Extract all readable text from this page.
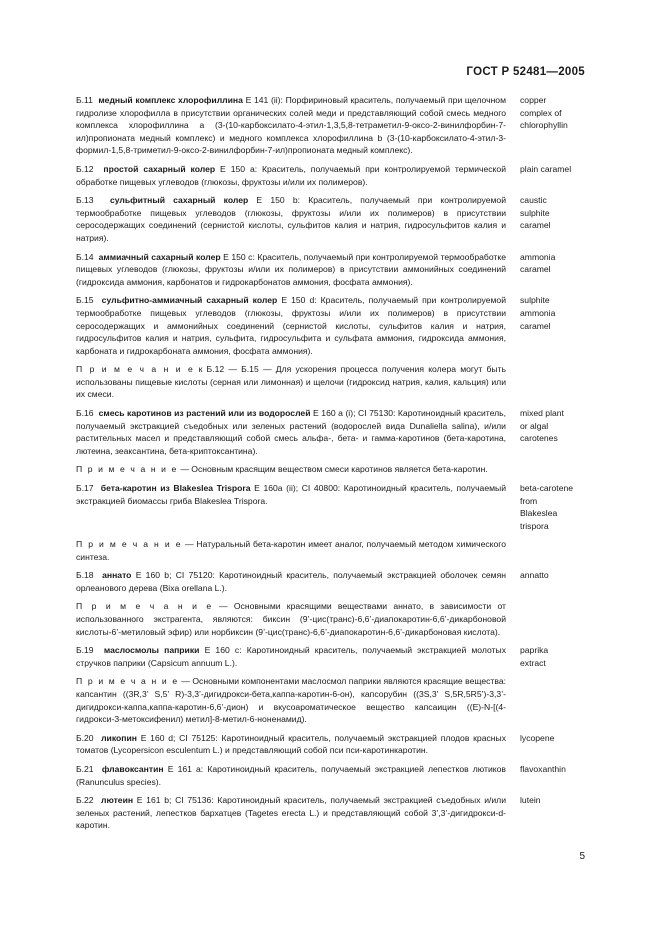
ГОСТ Р 52481—2005

Б.11 медный комплекс хлорофиллина Е 141 (ii): Порфириновый краситель, получаемый при щелочном гидролизе хлорофилла в присутствии органических солей меди и представляющий собой смесь медного комплекса хлорофиллина a (3-(10-карбоксилато-4-этил-1,3,5,8-тетраметил-9-оксо-2-винилфорбин-7-ил)пропионата медный комплекс) и медного комплекса хлорофиллина b (3-(10-карбоксилато-4-этил-3-формил-1,5,8-триметил-9-оксо-2-винилфорбин-7-ил)пропионата медный комплекс).

copper
complex of
chlorophyllin

Б.12 простой сахарный колер Е 150 a: Краситель, получаемый при контролируемой термической обработке пищевых углеводов (глюкозы, фруктозы и/или их полимеров).

plain caramel

Б.13 сульфитный сахарный колер Е 150 b: Краситель, получаемый при контролируемой термообработке пищевых углеводов (глюкозы, фруктозы и/или их полимеров) в присутствии серосодержащих соединений (сернистой кислоты, сульфитов калия и натрия, гидросульфитов калия и натрия).

caustic
sulphite
caramel

Б.14 аммиачный сахарный колер Е 150 c: Краситель, получаемый при контролируемой термообработке пищевых углеводов (глюкозы, фруктозы и/или их полимеров) в присутствии аммонийных соединений (гидроксида аммония, карбонатов и гидрокарбонатов аммония, фосфата аммония).

ammonia
caramel

Б.15 сульфитно-аммиачный сахарный колер Е 150 d: Краситель, получаемый при контролируемой термообработке пищевых углеводов (глюкозы, фруктозы и/или их полимеров) в присутствии серосодержащих и аммонийных соединений (сернистой кислоты, сульфитов калия и натрия, гидросульфитов калия и натрия, сульфита, гидросульфита и сульфата аммония, гидроксида аммония, карбоната и гидрокарбоната аммония, фосфата аммония).

sulphite
ammonia
caramel

П р и м е ч а н и е к Б.12 — Б.15 — Для ускорения процесса получения колера могут быть использованы пищевые кислоты (серная или лимонная) и щелочи (гидроксид натрия, калия, кальция) или их смеси.

Б.16 смесь каротинов из растений или из водорослей Е 160 a (i); CI 75130: Каротиноидный краситель, получаемый экстракцией съедобных или зеленых растений (водорослей вида Dunaliella salina), и/или растительных масел и представляющий собой смесь альфа-, бета- и гамма-каротинов (бета-каротина, лютеина, зеаксантина, бета-криптоксантина).

mixed plant
or algal
carotenes

П р и м е ч а н и е — Основным красящим веществом смеси каротинов является бета-каротин.

Б.17 бета-каротин из Blakeslea Trispora Е 160a (ii); CI 40800: Каротиноидный краситель, получаемый экстракцией биомассы гриба Blakeslea Trispora.

beta-carotene
from
Blakeslea
trispora

П р и м е ч а н и е — Натуральный бета-каротин имеет аналог, получаемый методом химического синтеза.

Б.18 аннато Е 160 b; CI 75120: Каротиноидный краситель, получаемый экстракцией оболочек семян орлеанового дерева (Bixa orellana L.).

annatto

П р и м е ч а н и е — Основными красящими веществами аннато, в зависимости от использованного экстрагента, являются: биксин (9’-цис(транс)-6,6’-диапокаротин-6,6’-дикарбоновой кислоты-6’-метиловый эфир) или норбиксин (9’-цис(транс)-6,6’-диапокаротин-6,6’-дикарбоновая кислота).

Б.19 маслосмолы паприки Е 160 c: Каротиноидный краситель, получаемый экстракцией молотых стручков паприки (Capsicum annuum L.).

paprika
extract

П р и м е ч а н и е — Основными компонентами маслосмол паприки являются красящие вещества: капсантин ((3R,3’ S,5’ R)-3,3’-дигидрокси-бета,каппа-каротин-6-он), капсорубин ((3S,3’ S,5R,5R5’)-3,3’-дигидрокси-каппа,каппа-каротин-6,6’-дион) и вкусоароматическое вещество капсаицин ((E)-N-[(4-гидрокси-3-метоксифенил) метил]-8-метил-6-ноненамид).

Б.20 ликопин Е 160 d; CI 75125: Каротиноидный краситель, получаемый экстракцией плодов красных томатов (Lycopersicon esculentum L.) и представляющий собой пси пси-каротинкаротин.

lycopene

Б.21 флавоксантин Е 161 a: Каротиноидный краситель, получаемый экстракцией лепестков лютиков (Ranunculus species).

flavoxanthin

Б.22 лютеин Е 161 b; CI 75136: Каротиноидный краситель, получаемый экстракцией съедобных и/или зеленых растений, лепестков бархатцев (Tagetes erecta L.) и представляющий собой 3’,3’-дигидрокси-d-каротин.

lutein
5
